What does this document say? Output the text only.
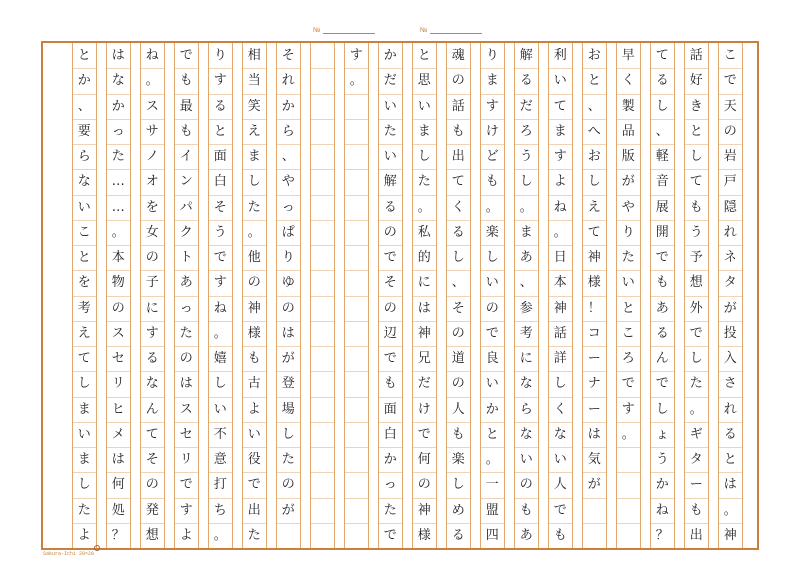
№	№
こ
で
天
の
岩
戸
隠
れ
ネ
タ
が
投
入
さ
れ
る
と
は
。
神
話
好
き
と
し
て
も
う
予
想
外
で
し
た
。
ギ
タ
ー
も
出
て
る
し
、
軽
音
展
開
で
も
あ
る
ん
で
し
ょ
う
か
ね
？
早
く
製
品
版
が
や
り
た
い
と
こ
ろ
で
す
。
お
と
、
へ
お
し
え
て
神
様
！
コ
ー
ナ
ー
は
気
が
利
い
て
ま
す
よ
ね
。
日
本
神
話
詳
し
く
な
い
人
で
も
解
る
だ
ろ
う
し
。
ま
あ
、
参
考
に
な
ら
な
い
の
も
あ
り
ま
す
け
ど
も
。
楽
し
い
の
で
良
い
か
と
。
一
盟
四
魂
の
話
も
出
て
く
る
し
、
そ
の
道
の
人
も
楽
し
め
る
と
思
い
ま
し
た
。
私
的
に
は
神
兄
だ
け
で
何
の
神
様
か
だ
い
た
い
解
る
の
で
そ
の
辺
で
も
面
白
か
っ
た
で
す
。
そ
れ
か
ら
、
や
っ
ぱ
り
ゆ
の
は
が
登
場
し
た
の
が
相
当
笑
え
ま
し
た
。
他
の
神
様
も
古
よ
い
役
で
出
た
り
す
る
と
面
白
そ
う
で
す
ね
。
嬉
し
い
不
意
打
ち
。
で
も
最
も
イ
ン
パ
ク
ト
あ
っ
た
の
は
ス
セ
リ
で
す
よ
ね
。
ス
サ
ノ
オ
を
女
の
子
に
す
る
な
ん
て
そ
の
発
想
は
な
か
っ
た
…
…
。
本
物
の
ス
セ
リ
ヒ
メ
は
何
処
？
と
か
、
要
ら
な
い
こ
と
を
考
え
て
し
ま
い
ま
し
た
よ
Sakura-Ichi 20×20
